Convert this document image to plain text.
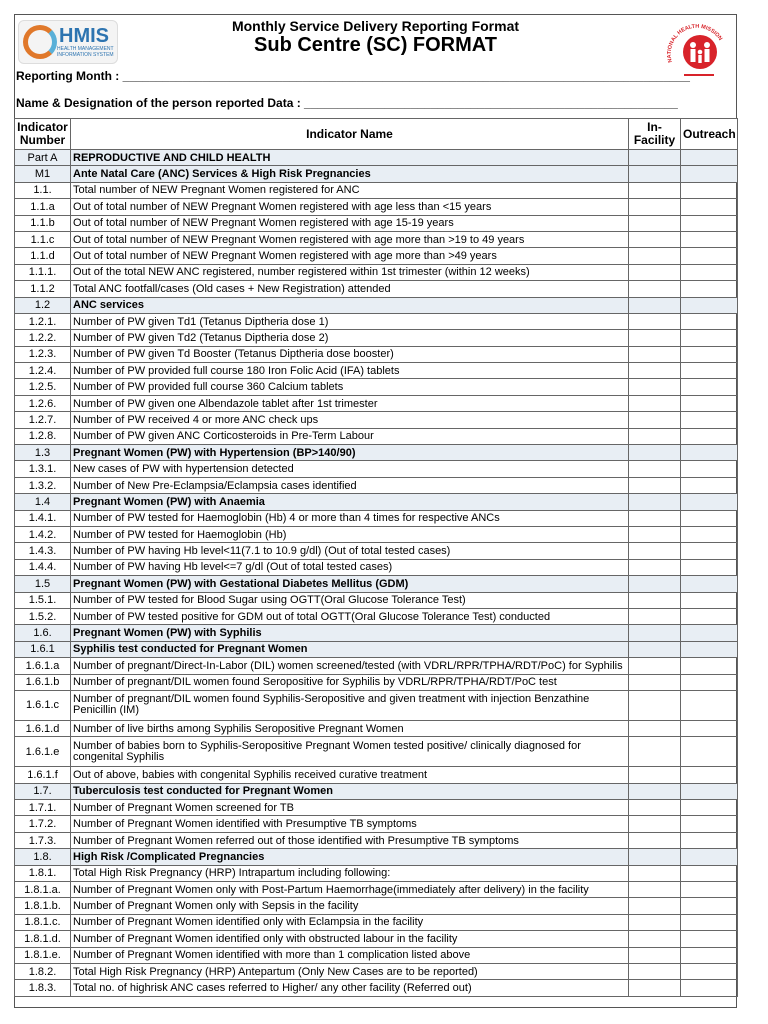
HMIS
HEALTH MANAGEMENT INFORMATION SYSTEM
Monthly Service Delivery Reporting Format
Sub Centre (SC) FORMAT
NATIONAL HEALTH MISSION
Reporting Month : _____________________________________________________________________________________
Name & Designation of the person reported Data : ________________________________________________________
Indicator Number	Indicator Name	In-Facility	Outreach
Part A	REPRODUCTIVE AND CHILD HEALTH		
M1	Ante Natal Care (ANC) Services & High Risk Pregnancies		
1.1.	Total number of NEW Pregnant Women registered for ANC		
1.1.a	Out of total number of NEW Pregnant Women registered with age less than <15 years		
1.1.b	Out of total number of NEW Pregnant Women registered with age 15-19 years		
1.1.c	Out of total number of NEW Pregnant Women registered with age more than >19 to 49 years		
1.1.d	Out of total number of NEW Pregnant Women registered with age more than >49 years		
1.1.1.	Out of the total NEW ANC registered, number registered within 1st trimester (within 12 weeks)		
1.1.2	Total ANC footfall/cases (Old cases + New Registration) attended		
1.2	ANC services		
1.2.1.	Number of PW given Td1 (Tetanus Diptheria dose 1)		
1.2.2.	Number of PW given Td2 (Tetanus Diptheria dose 2)		
1.2.3.	Number of PW given Td Booster (Tetanus Diptheria dose booster)		
1.2.4.	Number of PW provided full course 180 Iron Folic Acid (IFA) tablets		
1.2.5.	Number of PW provided full course 360 Calcium tablets		
1.2.6.	Number of PW given one Albendazole tablet after 1st trimester		
1.2.7.	Number of PW received 4 or more ANC check ups		
1.2.8.	Number of PW given ANC Corticosteroids in Pre-Term Labour		
1.3	Pregnant Women (PW) with Hypertension (BP>140/90)		
1.3.1.	New cases of PW with hypertension detected		
1.3.2.	Number of New Pre-Eclampsia/Eclampsia cases identified		
1.4	Pregnant Women (PW) with Anaemia		
1.4.1.	Number of PW tested for Haemoglobin (Hb) 4 or more than 4 times for respective ANCs		
1.4.2.	Number of PW tested for Haemoglobin (Hb)		
1.4.3.	Number of PW having Hb level<11(7.1 to 10.9 g/dl) (Out of total tested cases)		
1.4.4.	Number of PW having Hb level<=7 g/dl (Out of total tested cases)		
1.5	Pregnant Women (PW) with Gestational Diabetes Mellitus (GDM)		
1.5.1.	Number of PW tested for Blood Sugar using OGTT(Oral Glucose Tolerance Test)		
1.5.2.	Number of PW tested positive for GDM out of total OGTT(Oral Glucose Tolerance Test) conducted		
1.6.	Pregnant Women (PW) with Syphilis		
1.6.1	Syphilis test conducted for Pregnant Women		
1.6.1.a	Number of pregnant/Direct-In-Labor (DIL) women screened/tested (with VDRL/RPR/TPHA/RDT/PoC) for Syphilis		
1.6.1.b	Number of pregnant/DIL women found Seropositive for Syphilis by VDRL/RPR/TPHA/RDT/PoC test		
1.6.1.c	Number of pregnant/DIL women found Syphilis-Seropositive and given treatment with injection Benzathine Penicillin (IM)		
1.6.1.d	Number of live births among Syphilis Seropositive Pregnant Women		
1.6.1.e	Number of babies born to Syphilis-Seropositive Pregnant Women tested positive/ clinically diagnosed for congenital Syphilis		
1.6.1.f	Out of above, babies with congenital Syphilis received curative treatment		
1.7.	Tuberculosis test conducted for Pregnant Women		
1.7.1.	Number of Pregnant Women screened for TB		
1.7.2.	Number of Pregnant Women identified with Presumptive TB symptoms		
1.7.3.	Number of Pregnant Women referred out of those identified with Presumptive TB symptoms		
1.8.	High Risk /Complicated Pregnancies		
1.8.1.	Total High Risk Pregnancy (HRP) Intrapartum including following:		
1.8.1.a.	Number of Pregnant Women only with Post-Partum Haemorrhage(immediately after delivery) in the facility		
1.8.1.b.	Number of Pregnant Women only with Sepsis in the facility		
1.8.1.c.	Number of Pregnant Women identified only with Eclampsia in the facility		
1.8.1.d.	Number of Pregnant Women identified only with obstructed labour in the facility		
1.8.1.e.	Number of Pregnant Women identified with more than 1 complication listed above		
1.8.2.	Total High Risk Pregnancy (HRP) Antepartum (Only New Cases are to be reported)		
1.8.3.	Total no. of highrisk ANC cases referred to Higher/ any other facility (Referred out)		
